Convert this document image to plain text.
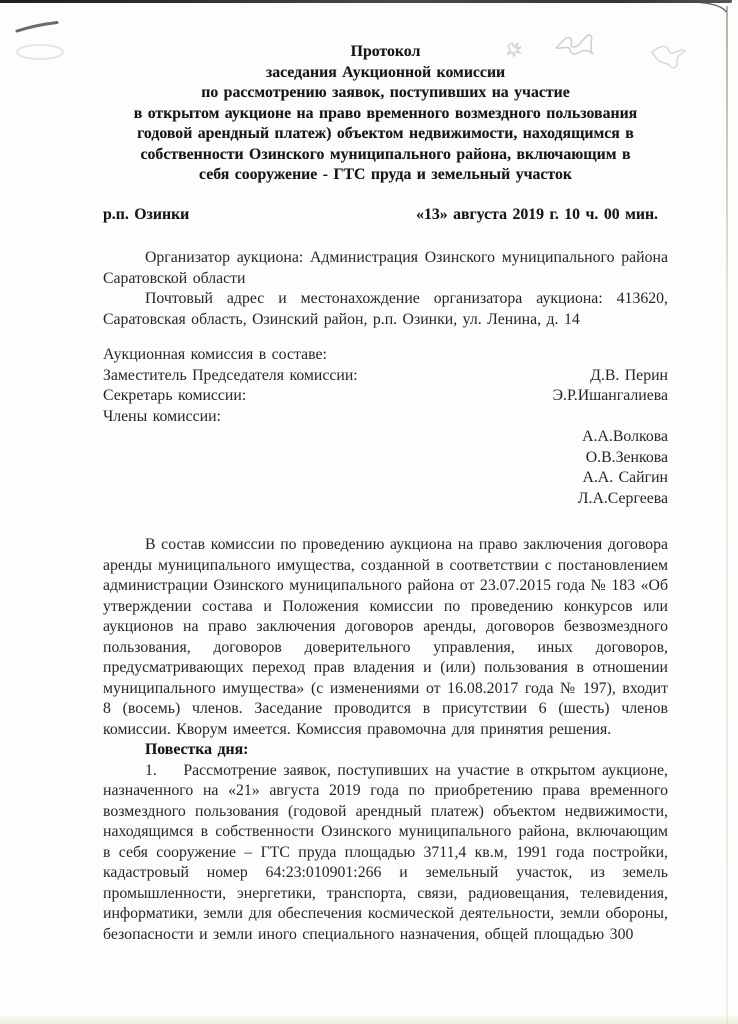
Протокол
заседания Аукционной комиссии
по рассмотрению заявок, поступивших на участие
в открытом аукционе на право временного возмездного пользования
годовой арендный платеж) объектом недвижимости, находящимся в
собственности Озинского муниципального района, включающим в
себя сооружение - ГТС пруда и земельный участок
р.п. Озинки	«13» августа 2019 г. 10 ч. 00 мин.
Организатор аукциона: Администрация Озинского муниципального района Саратовской области
Почтовый адрес и местонахождение организатора аукциона: 413620, Саратовская область, Озинский район, р.п. Озинки, ул. Ленина, д. 14
Аукционная комиссия в составе:
Заместитель Председателя комиссии:	Д.В. Перин
Секретарь комиссии:	Э.Р.Ишангалиева
Члены комиссии:
А.А.Волкова
О.В.Зенкова
А.А. Сайгин
Л.А.Сергеева
В состав комиссии по проведению аукциона на право заключения договора аренды муниципального имущества, созданной в соответствии с постановлением администрации Озинского муниципального района от 23.07.2015 года № 183 «Об утверждении состава и Положения комиссии по проведению конкурсов или аукционов на право заключения договоров аренды, договоров безвозмездного пользования, договоров доверительного управления, иных договоров, предусматривающих переход прав владения и (или) пользования в отношении муниципального имущества» (с изменениями от 16.08.2017 года № 197), входит 8 (восемь) членов. Заседание проводится в присутствии 6 (шесть) членов комиссии. Кворум имеется. Комиссия правомочна для принятия решения.
Повестка дня:
1.    Рассмотрение заявок, поступивших на участие в открытом аукционе, назначенного на «21» августа 2019 года по приобретению права временного возмездного пользования (годовой арендный платеж) объектом недвижимости, находящимся в собственности Озинского муниципального района, включающим в себя сооружение – ГТС пруда площадью 3711,4 кв.м, 1991 года постройки, кадастровый номер 64:23:010901:266 и земельный участок, из земель промышленности, энергетики, транспорта, связи, радиовещания, телевидения, информатики, земли для обеспечения космической деятельности, земли обороны, безопасности и земли иного специального назначения, общей площадью 300
